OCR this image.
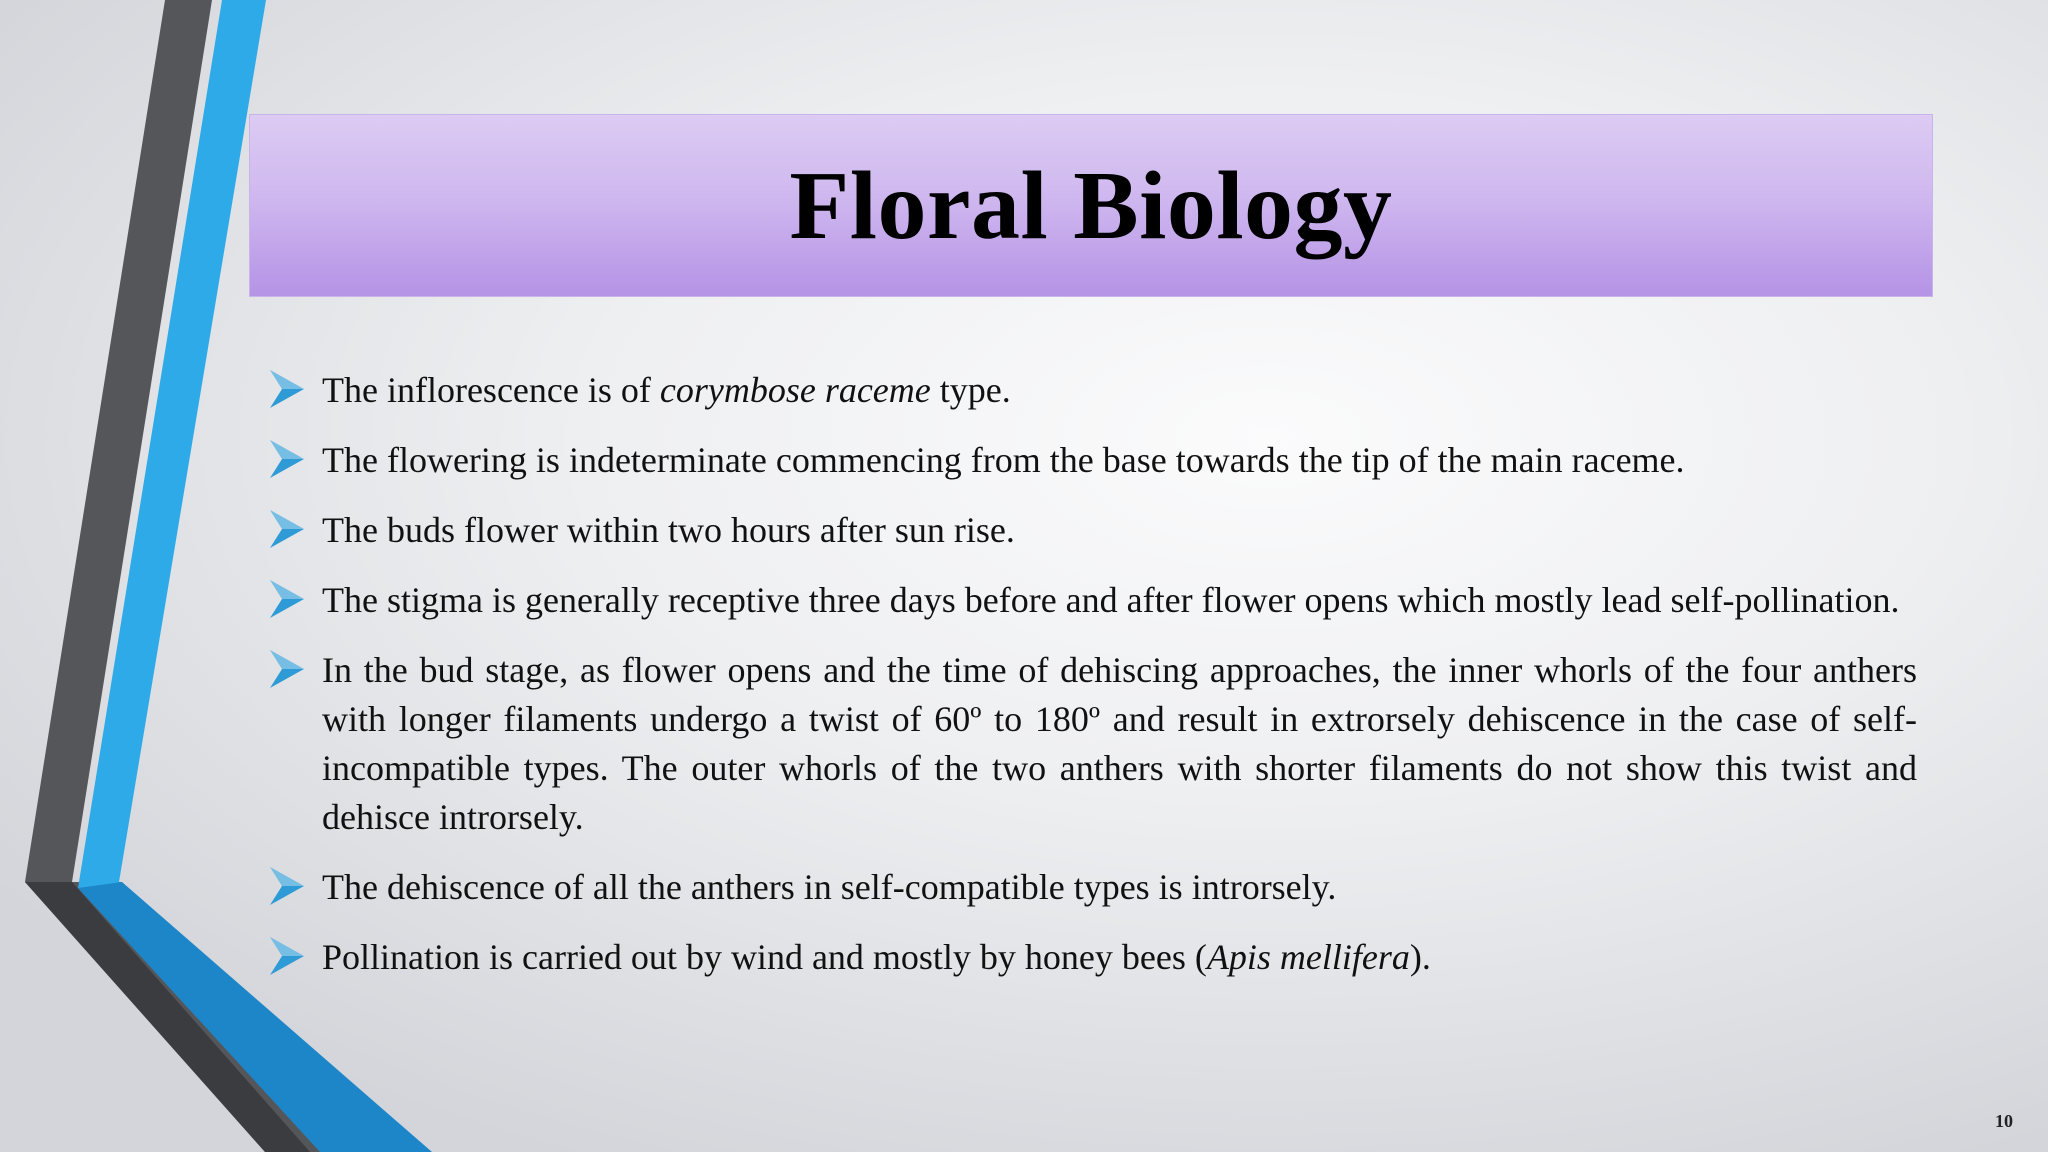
Floral Biology
The inflorescence is of corymbose raceme type.
The flowering is indeterminate commencing from the base towards the tip of the main raceme.
The buds flower within two hours after sun rise.
The stigma is generally receptive three days before and after flower opens which mostly lead self-pollination.
In the bud stage, as flower opens and the time of dehiscing approaches, the inner whorls of the four anthers with longer filaments undergo a twist of 60º to 180º and result in extrorsely dehiscence in the case of self-incompatible types. The outer whorls of the two anthers with shorter filaments do not show this twist and dehisce introrsely.
The dehiscence of all the anthers in self-compatible types is introrsely.
Pollination is carried out by wind and mostly by honey bees (Apis mellifera).
10
